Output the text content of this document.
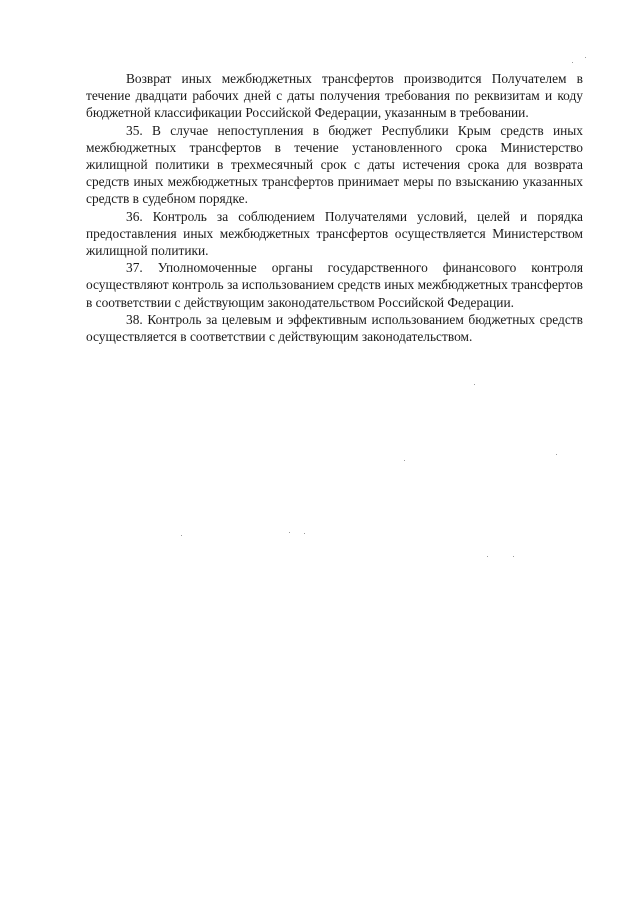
Возврат иных межбюджетных трансфертов производится Получателем в течение двадцати рабочих дней с даты получения требования по реквизитам и коду бюджетной классификации Российской Федерации, указанным в требовании.

35. В случае непоступления в бюджет Республики Крым средств иных межбюджетных трансфертов в течение установленного срока Министерство жилищной политики в трехмесячный срок с даты истечения срока для возврата средств иных межбюджетных трансфертов принимает меры по взысканию указанных средств в судебном порядке.

36. Контроль за соблюдением Получателями условий, целей и порядка предоставления иных межбюджетных трансфертов осуществляется Министерством жилищной политики.

37. Уполномоченные органы государственного финансового контроля осуществляют контроль за использованием средств иных межбюджетных трансфертов в соответствии с действующим законодательством Российской Федерации.

38. Контроль за целевым и эффективным использованием бюджетных средств осуществляется в соответствии с действующим законодательством.
